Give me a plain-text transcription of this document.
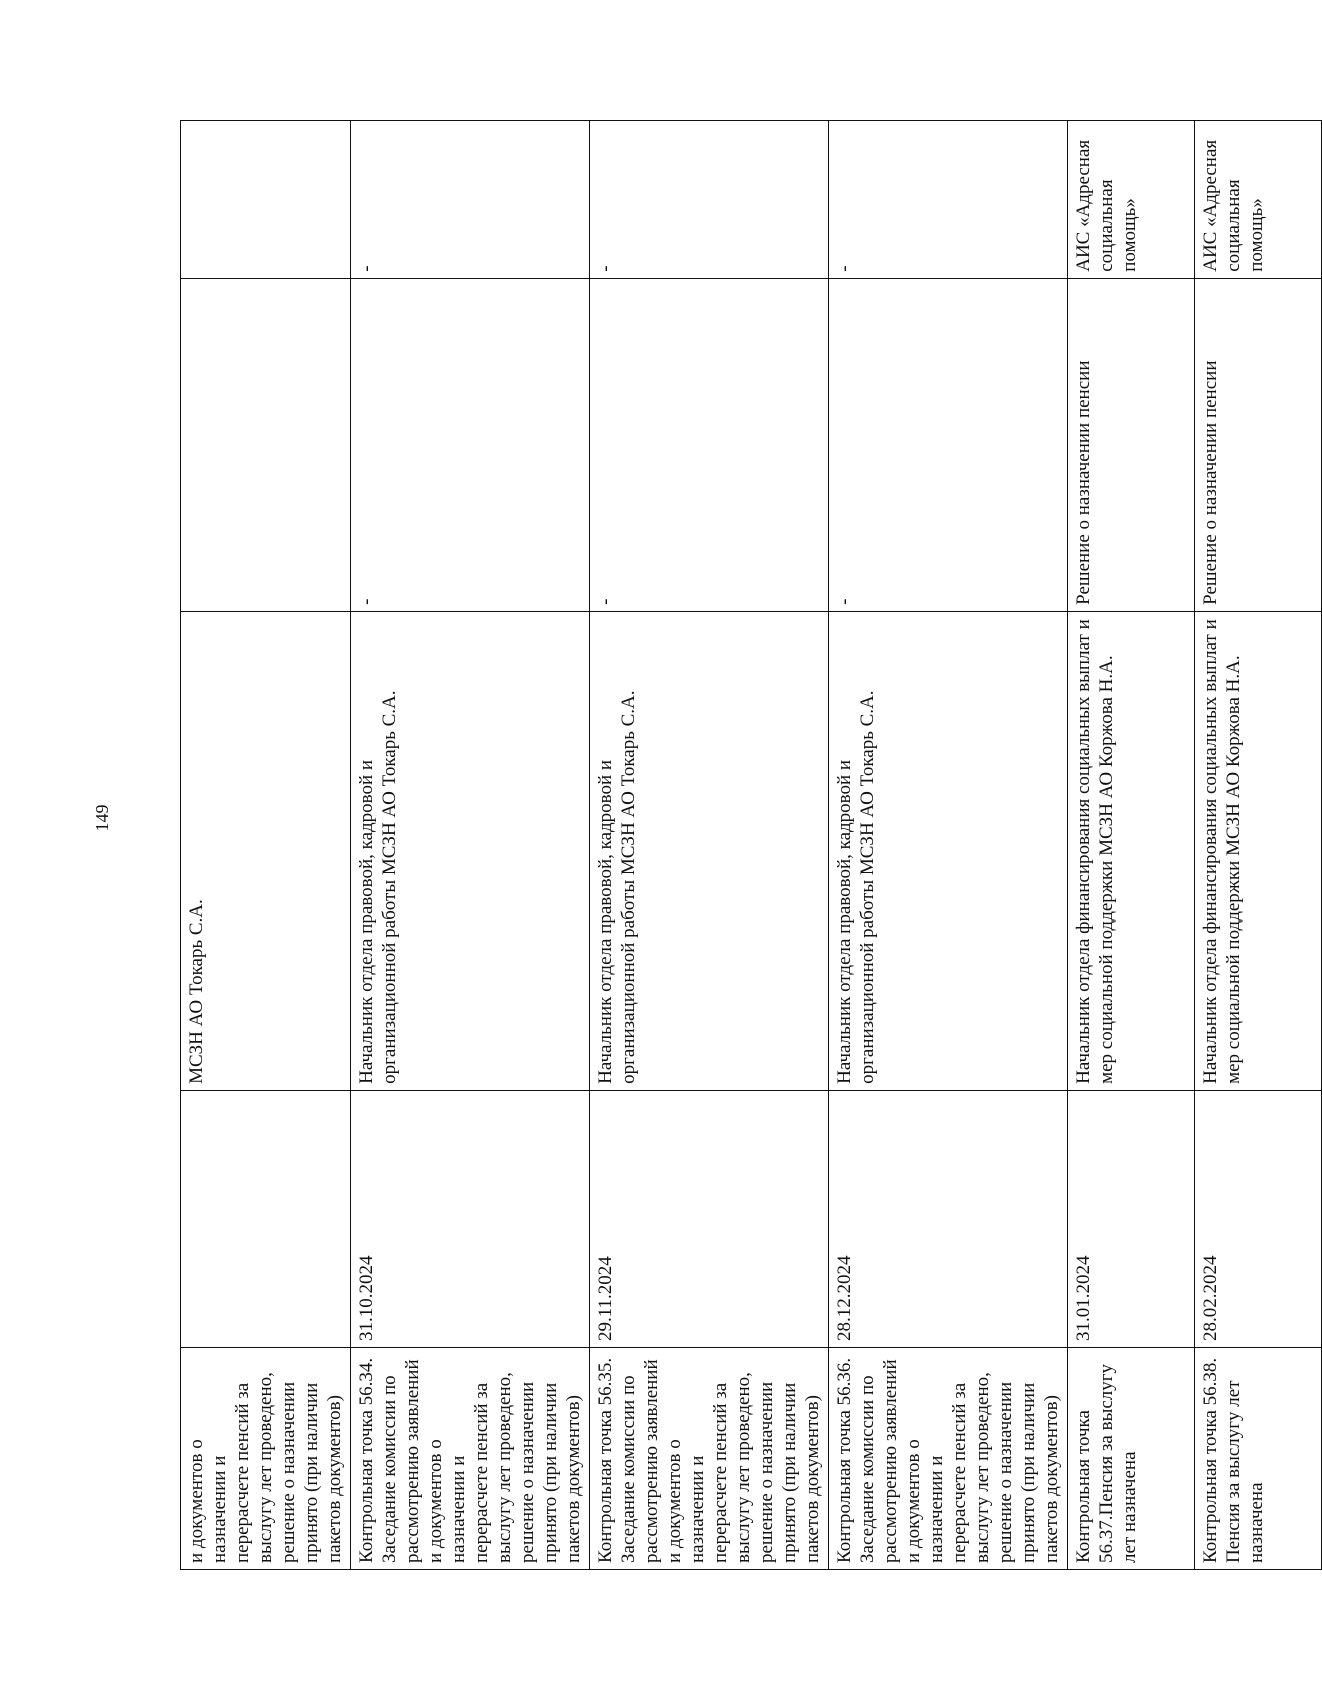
149
и документов о назначении и перерасчете пенсий за выслугу лет проведено, решение о назначении принято (при наличии пакетов документов)		МСЗН АО Токарь С.А.		
Контрольная точка 56.34. Заседание комиссии по рассмотрению заявлений и документов о назначении и перерасчете пенсий за выслугу лет проведено, решение о назначении принято (при наличии пакетов документов)	31.10.2024	Начальник отдела правовой, кадровой и организационной работы МСЗН АО Токарь С.А.	-	-
Контрольная точка 56.35. Заседание комиссии по рассмотрению заявлений и документов о назначении и перерасчете пенсий за выслугу лет проведено, решение о назначении принято (при наличии пакетов документов)	29.11.2024	Начальник отдела правовой, кадровой и организационной работы МСЗН АО Токарь С.А.	-	-
Контрольная точка 56.36. Заседание комиссии по рассмотрению заявлений и документов о назначении и перерасчете пенсий за выслугу лет проведено, решение о назначении принято (при наличии пакетов документов)	28.12.2024	Начальник отдела правовой, кадровой и организационной работы МСЗН АО Токарь С.А.	-	-
Контрольная точка 56.37.Пенсия за выслугу лет назначена	31.01.2024	Начальник отдела финансирования социальных выплат и мер социальной поддержки МСЗН АО Коржова Н.А.	Решение о назначении пенсии	АИС «Адресная социальная помощь»
Контрольная точка 56.38. Пенсия за выслугу лет назначена	28.02.2024	Начальник отдела финансирования социальных выплат и мер социальной поддержки МСЗН АО Коржова Н.А.	Решение о назначении пенсии	АИС «Адресная социальная помощь»
